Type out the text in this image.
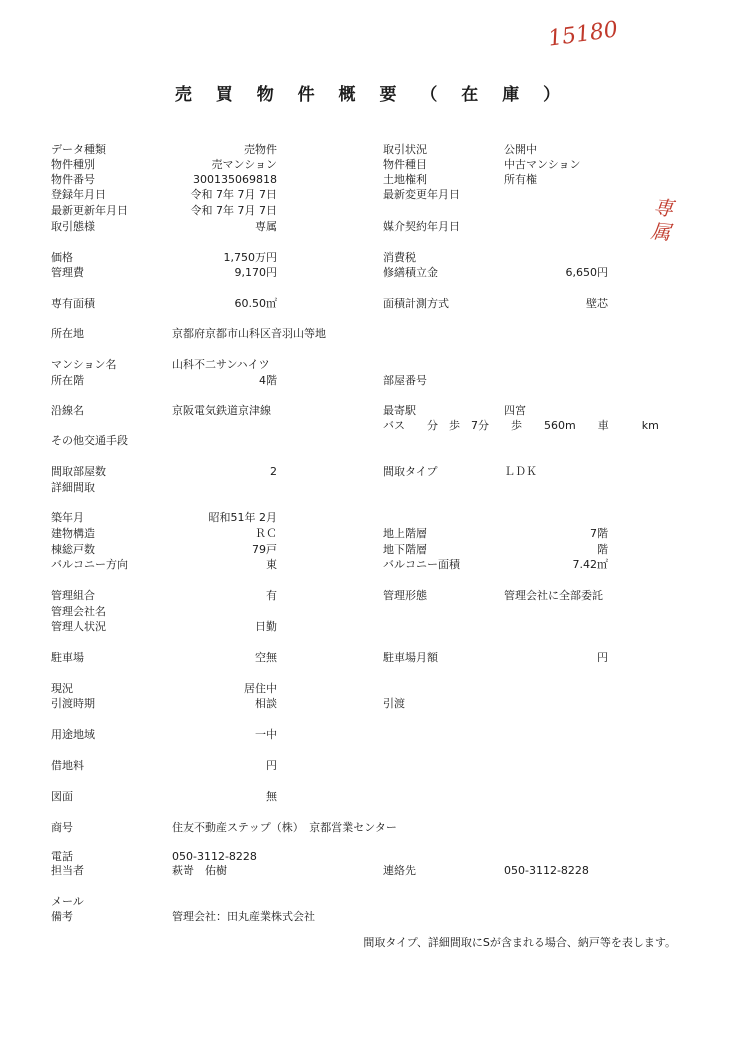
15180
専属
売 買 物 件 概 要 （ 在 庫 ）
データ種類	売物件	取引状況	公開中
物件種別	売マンション	物件種目	中古マンション
物件番号	300135069818	土地権利	所有権
登録年月日	令和 7年 7月 7日	最新変更年月日
最新更新年月日	令和 7年 7月 7日
取引態様	専属	媒介契約年月日
価格	1,750万円	消費税
管理費	9,170円	修繕積立金	6,650円
専有面積	60.50㎡	面積計測方式	壁芯
所在地	京都府京都市山科区音羽山等地
マンション名	山科不二サンハイツ
所在階	4階	部屋番号
沿線名	京阪電気鉄道京津線	最寄駅	四宮
バス　　分　歩　7分　　歩　　560m　　車　　　km
その他交通手段
間取部屋数	2	間取タイプ	ＬＤＫ
詳細間取
築年月	昭和51年 2月
建物構造	ＲＣ	地上階層	7階
棟総戸数	79戸	地下階層	階
バルコニー方向	東	バルコニー面積	7.42㎡
管理組合	有	管理形態	管理会社に全部委託
管理会社名
管理人状況	日勤
駐車場	空無	駐車場月額	円
現況	居住中
引渡時期	相談	引渡
用途地域	一中
借地料	円
図面	無
商号	住友不動産ステップ（株）　京都営業センター
電話	050-3112-8228
担当者	萩嵜　佑樹	連絡先	050-3112-8228
メール
備考	管理会社：田丸産業株式会社
間取タイプ、詳細間取にSが含まれる場合、納戸等を表します。
